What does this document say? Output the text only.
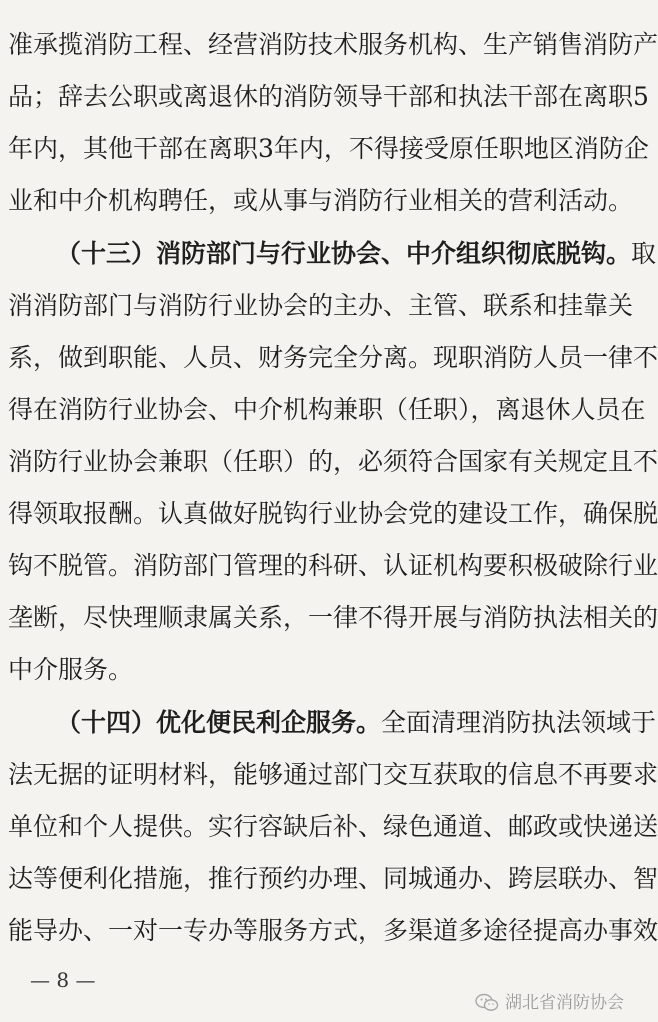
准承揽消防工程、经营消防技术服务机构、生产销售消防产
品；辞去公职或离退休的消防领导干部和执法干部在离职5
年内，其他干部在离职3年内，不得接受原任职地区消防企
业和中介机构聘任，或从事与消防行业相关的营利活动。
（十三）消防部门与行业协会、中介组织彻底脱钩。取
消消防部门与消防行业协会的主办、主管、联系和挂靠关
系，做到职能、人员、财务完全分离。现职消防人员一律不
得在消防行业协会、中介机构兼职（任职），离退休人员在
消防行业协会兼职（任职）的，必须符合国家有关规定且不
得领取报酬。认真做好脱钩行业协会党的建设工作，确保脱
钩不脱管。消防部门管理的科研、认证机构要积极破除行业
垄断，尽快理顺隶属关系，一律不得开展与消防执法相关的
中介服务。
（十四）优化便民利企服务。全面清理消防执法领域于
法无据的证明材料，能够通过部门交互获取的信息不再要求
单位和个人提供。实行容缺后补、绿色通道、邮政或快递送
达等便利化措施，推行预约办理、同城通办、跨层联办、智
能导办、一对一专办等服务方式，多渠道多途径提高办事效
— 8 —
湖北省消防协会
